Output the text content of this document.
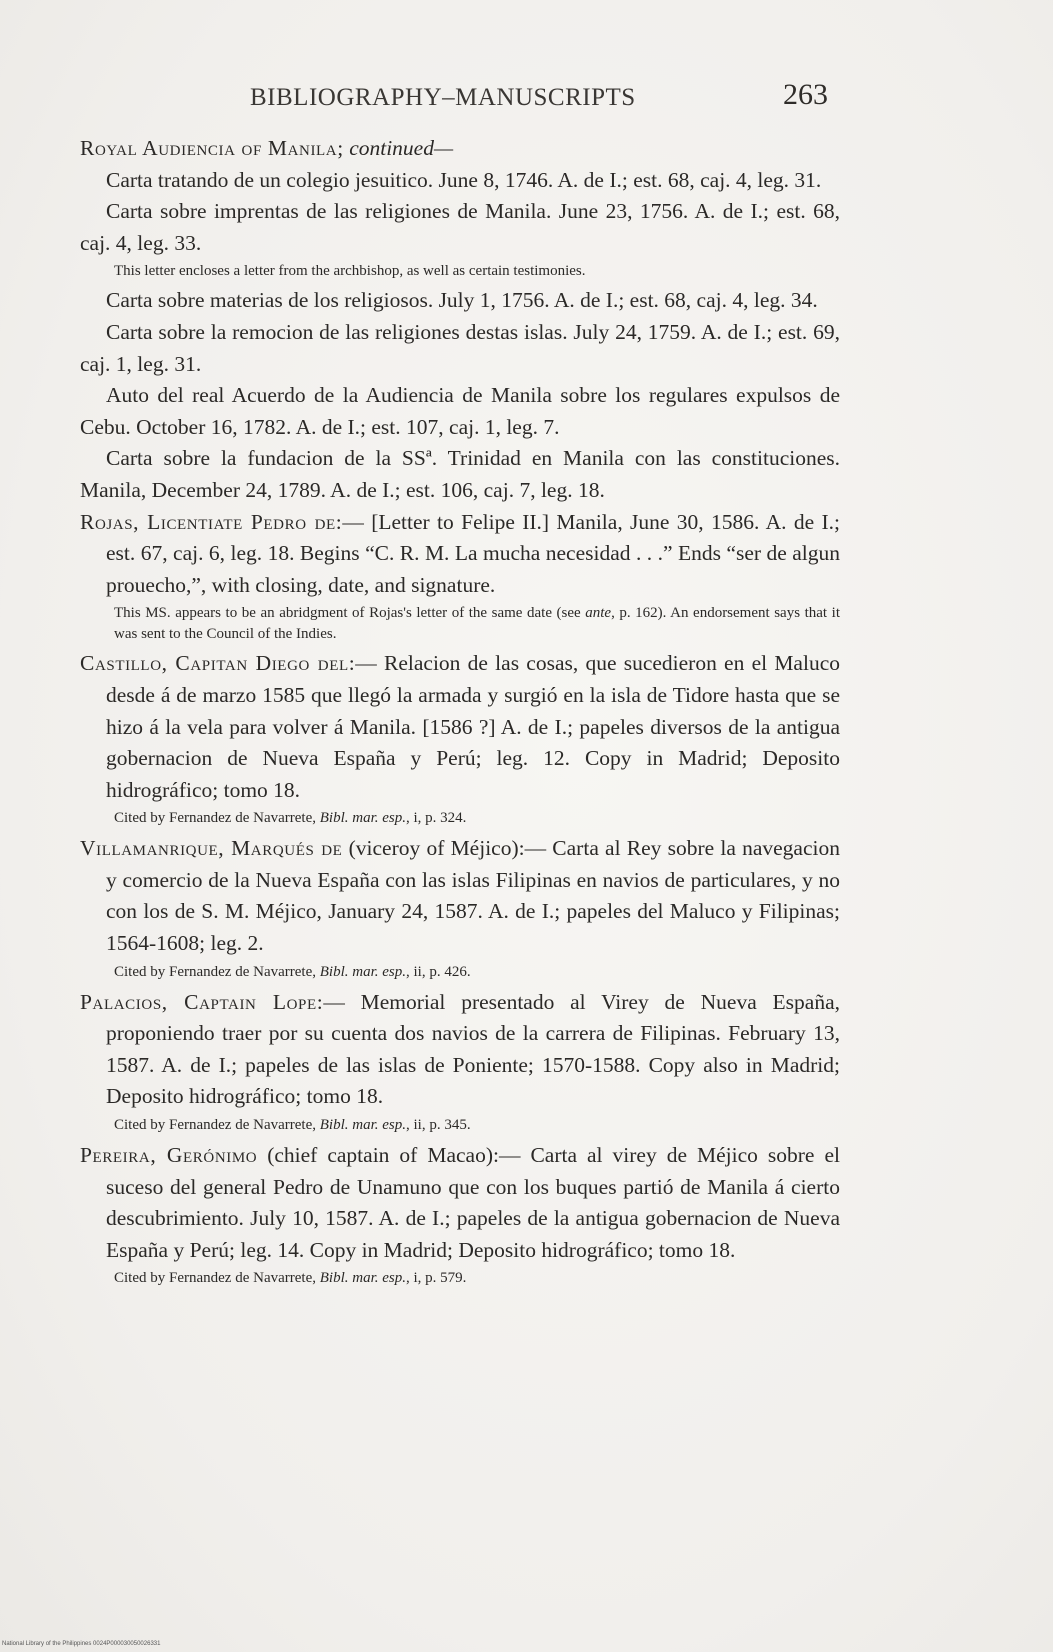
BIBLIOGRAPHY–MANUSCRIPTS	263

Royal Audiencia of Manila; continued—

Carta tratando de un colegio jesuitico. June 8, 1746. A. de I.; est. 68, caj. 4, leg. 31.

Carta sobre imprentas de las religiones de Manila. June 23, 1756. A. de I.; est. 68, caj. 4, leg. 33.

This letter encloses a letter from the archbishop, as well as certain testimonies.

Carta sobre materias de los religiosos. July 1, 1756. A. de I.; est. 68, caj. 4, leg. 34.

Carta sobre la remocion de las religiones destas islas. July 24, 1759. A. de I.; est. 69, caj. 1, leg. 31.

Auto del real Acuerdo de la Audiencia de Manila sobre los regulares expulsos de Cebu. October 16, 1782. A. de I.; est. 107, caj. 1, leg. 7.

Carta sobre la fundacion de la SSª. Trinidad en Manila con las constituciones. Manila, December 24, 1789. A. de I.; est. 106, caj. 7, leg. 18.

Rojas, Licentiate Pedro de:— [Letter to Felipe II.] Manila, June 30, 1586. A. de I.; est. 67, caj. 6, leg. 18. Begins “C. R. M. La mucha necesidad . . .” Ends “ser de algun prouecho,”, with closing, date, and signature.

This MS. appears to be an abridgment of Rojas's letter of the same date (see ante, p. 162). An endorsement says that it was sent to the Council of the Indies.

Castillo, Capitan Diego del:— Relacion de las cosas, que sucedieron en el Maluco desde á de marzo 1585 que llegó la armada y surgió en la isla de Tidore hasta que se hizo á la vela para volver á Manila. [1586 ?] A. de I.; papeles diversos de la antigua gobernacion de Nueva España y Perú; leg. 12. Copy in Madrid; Deposito hidrográfico; tomo 18.

Cited by Fernandez de Navarrete, Bibl. mar. esp., i, p. 324.

Villamanrique, Marqués de (viceroy of Méjico):— Carta al Rey sobre la navegacion y comercio de la Nueva España con las islas Filipinas en navios de particulares, y no con los de S. M. Méjico, January 24, 1587. A. de I.; papeles del Maluco y Filipinas; 1564-1608; leg. 2.

Cited by Fernandez de Navarrete, Bibl. mar. esp., ii, p. 426.

Palacios, Captain Lope:— Memorial presentado al Virey de Nueva España, proponiendo traer por su cuenta dos navios de la carrera de Filipinas. February 13, 1587. A. de I.; papeles de las islas de Poniente; 1570-1588. Copy also in Madrid; Deposito hidrográfico; tomo 18.

Cited by Fernandez de Navarrete, Bibl. mar. esp., ii, p. 345.

Pereira, Gerónimo (chief captain of Macao):— Carta al virey de Méjico sobre el suceso del general Pedro de Unamuno que con los buques partió de Manila á cierto descubrimiento. July 10, 1587. A. de I.; papeles de la antigua gobernacion de Nueva España y Perú; leg. 14. Copy in Madrid; Deposito hidrográfico; tomo 18.

Cited by Fernandez de Navarrete, Bibl. mar. esp., i, p. 579.

National Library of the Philippines 0024P000030050026331
